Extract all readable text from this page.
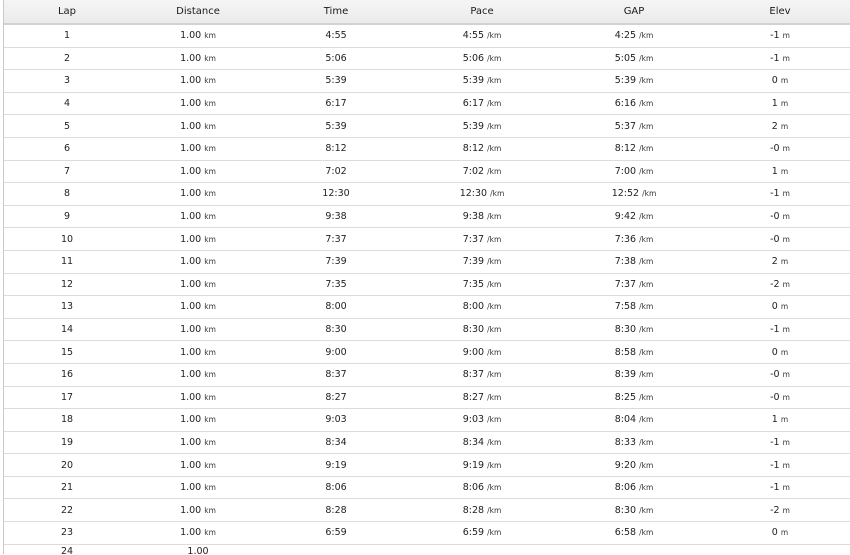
Lap	Distance	Time	Pace	GAP	Elev
1	1.00 km	4:55	4:55 /km	4:25 /km	-1 m
2	1.00 km	5:06	5:06 /km	5:05 /km	-1 m
3	1.00 km	5:39	5:39 /km	5:39 /km	0 m
4	1.00 km	6:17	6:17 /km	6:16 /km	1 m
5	1.00 km	5:39	5:39 /km	5:37 /km	2 m
6	1.00 km	8:12	8:12 /km	8:12 /km	-0 m
7	1.00 km	7:02	7:02 /km	7:00 /km	1 m
8	1.00 km	12:30	12:30 /km	12:52 /km	-1 m
9	1.00 km	9:38	9:38 /km	9:42 /km	-0 m
10	1.00 km	7:37	7:37 /km	7:36 /km	-0 m
11	1.00 km	7:39	7:39 /km	7:38 /km	2 m
12	1.00 km	7:35	7:35 /km	7:37 /km	-2 m
13	1.00 km	8:00	8:00 /km	7:58 /km	0 m
14	1.00 km	8:30	8:30 /km	8:30 /km	-1 m
15	1.00 km	9:00	9:00 /km	8:58 /km	0 m
16	1.00 km	8:37	8:37 /km	8:39 /km	-0 m
17	1.00 km	8:27	8:27 /km	8:25 /km	-0 m
18	1.00 km	9:03	9:03 /km	8:04 /km	1 m
19	1.00 km	8:34	8:34 /km	8:33 /km	-1 m
20	1.00 km	9:19	9:19 /km	9:20 /km	-1 m
21	1.00 km	8:06	8:06 /km	8:06 /km	-1 m
22	1.00 km	8:28	8:28 /km	8:30 /km	-2 m
23	1.00 km	6:59	6:59 /km	6:58 /km	0 m
24	1.00				
